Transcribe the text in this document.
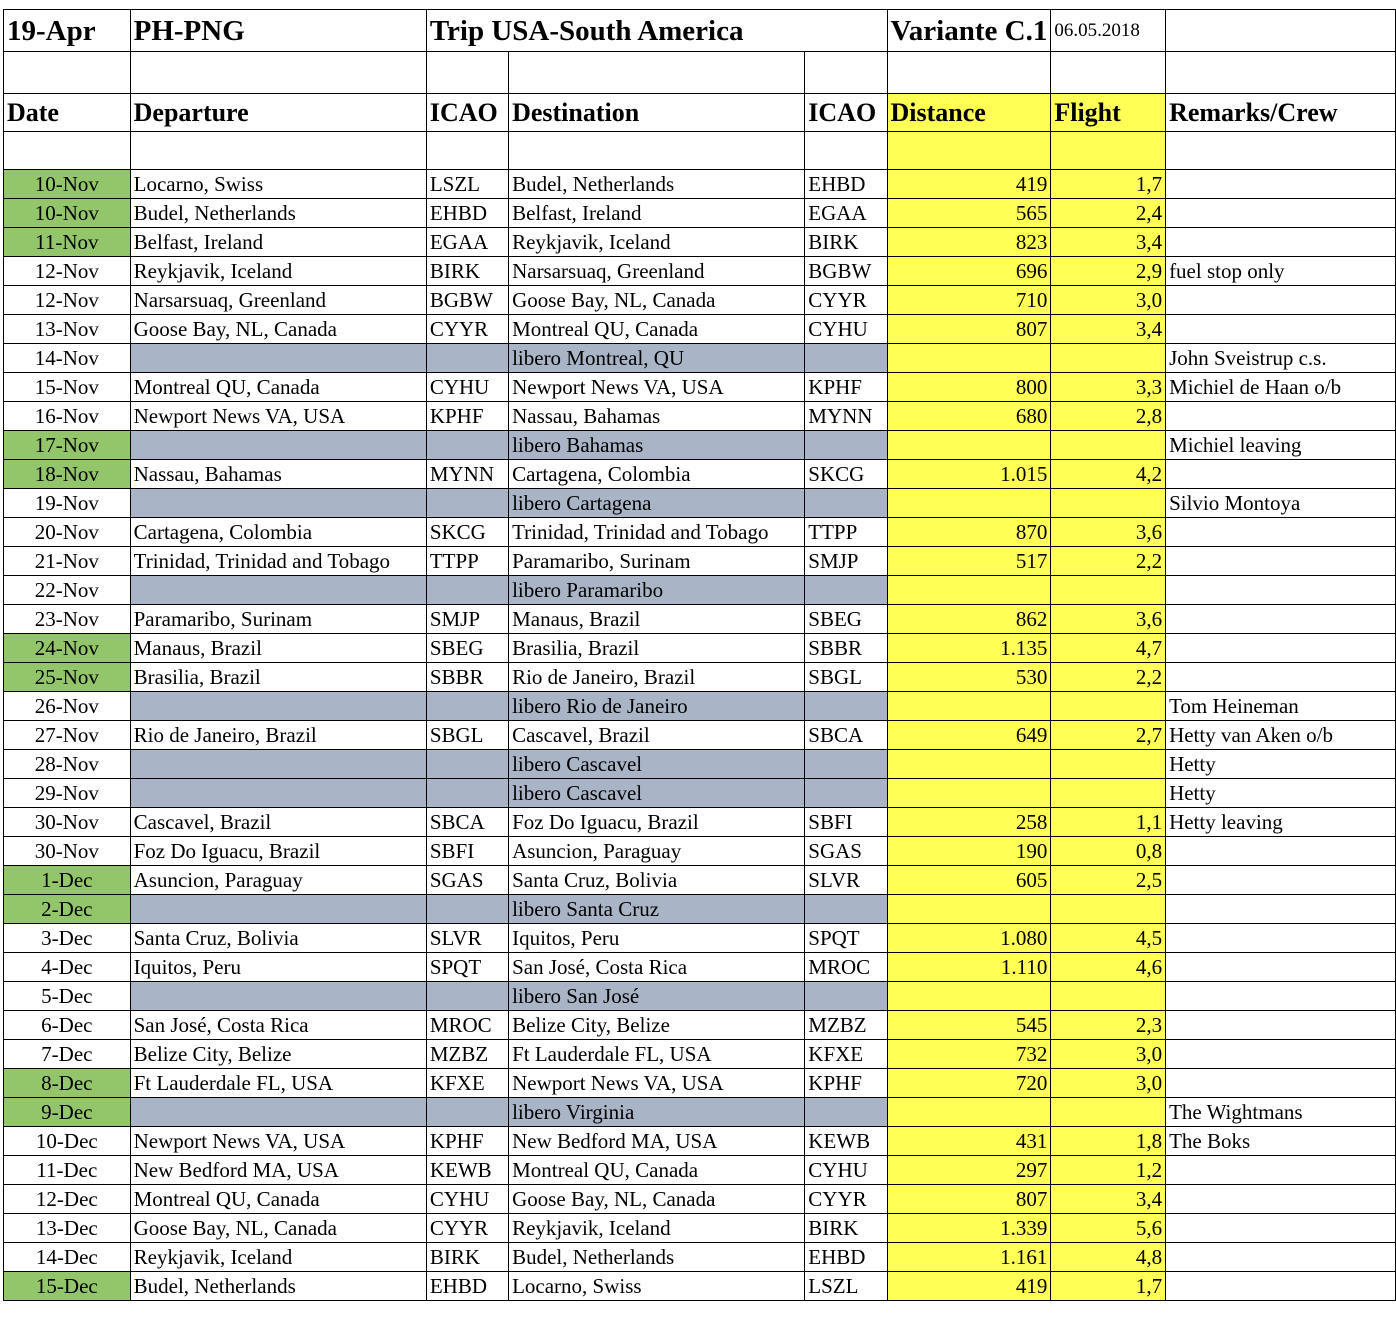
19-Apr	PH-PNG	Trip USA-South America			Variante C.1	06.05.2018	

Date	Departure	ICAO	Destination	ICAO	Distance	Flight	Remarks/Crew

10-Nov	Locarno, Swiss	LSZL	Budel, Netherlands	EHBD	419	1,7	
10-Nov	Budel, Netherlands	EHBD	Belfast, Ireland	EGAA	565	2,4	
11-Nov	Belfast, Ireland	EGAA	Reykjavik, Iceland	BIRK	823	3,4	
12-Nov	Reykjavik, Iceland	BIRK	Narsarsuaq, Greenland	BGBW	696	2,9	fuel stop only
12-Nov	Narsarsuaq, Greenland	BGBW	Goose Bay, NL, Canada	CYYR	710	3,0	
13-Nov	Goose Bay, NL, Canada	CYYR	Montreal QU, Canada	CYHU	807	3,4	
14-Nov			libero Montreal, QU				John Sveistrup c.s.
15-Nov	Montreal QU, Canada	CYHU	Newport News VA, USA	KPHF	800	3,3	Michiel de Haan o/b
16-Nov	Newport News VA, USA	KPHF	Nassau, Bahamas	MYNN	680	2,8	
17-Nov			libero Bahamas				Michiel leaving
18-Nov	Nassau, Bahamas	MYNN	Cartagena, Colombia	SKCG	1.015	4,2	
19-Nov			libero Cartagena				Silvio Montoya
20-Nov	Cartagena, Colombia	SKCG	Trinidad, Trinidad and Tobago	TTPP	870	3,6	
21-Nov	Trinidad, Trinidad and Tobago	TTPP	Paramaribo, Surinam	SMJP	517	2,2	
22-Nov			libero Paramaribo				
23-Nov	Paramaribo, Surinam	SMJP	Manaus, Brazil	SBEG	862	3,6	
24-Nov	Manaus, Brazil	SBEG	Brasilia, Brazil	SBBR	1.135	4,7	
25-Nov	Brasilia, Brazil	SBBR	Rio de Janeiro, Brazil	SBGL	530	2,2	
26-Nov			libero Rio de Janeiro				Tom Heineman
27-Nov	Rio de Janeiro, Brazil	SBGL	Cascavel, Brazil	SBCA	649	2,7	Hetty van Aken o/b
28-Nov			libero Cascavel				Hetty
29-Nov			libero Cascavel				Hetty
30-Nov	Cascavel, Brazil	SBCA	Foz Do Iguacu, Brazil	SBFI	258	1,1	Hetty leaving
30-Nov	Foz Do Iguacu, Brazil	SBFI	Asuncion, Paraguay	SGAS	190	0,8	
1-Dec	Asuncion, Paraguay	SGAS	Santa Cruz, Bolivia	SLVR	605	2,5	
2-Dec			libero Santa Cruz				
3-Dec	Santa Cruz, Bolivia	SLVR	Iquitos, Peru	SPQT	1.080	4,5	
4-Dec	Iquitos, Peru	SPQT	San José, Costa Rica	MROC	1.110	4,6	
5-Dec			libero San José				
6-Dec	San José, Costa Rica	MROC	Belize City, Belize	MZBZ	545	2,3	
7-Dec	Belize City, Belize	MZBZ	Ft Lauderdale FL, USA	KFXE	732	3,0	
8-Dec	Ft Lauderdale FL, USA	KFXE	Newport News VA, USA	KPHF	720	3,0	
9-Dec			libero Virginia				The Wightmans
10-Dec	Newport News VA, USA	KPHF	New Bedford MA, USA	KEWB	431	1,8	The Boks
11-Dec	New Bedford MA, USA	KEWB	Montreal QU, Canada	CYHU	297	1,2	
12-Dec	Montreal QU, Canada	CYHU	Goose Bay, NL, Canada	CYYR	807	3,4	
13-Dec	Goose Bay, NL, Canada	CYYR	Reykjavik, Iceland	BIRK	1.339	5,6	
14-Dec	Reykjavik, Iceland	BIRK	Budel, Netherlands	EHBD	1.161	4,8	
15-Dec	Budel, Netherlands	EHBD	Locarno, Swiss	LSZL	419	1,7	
